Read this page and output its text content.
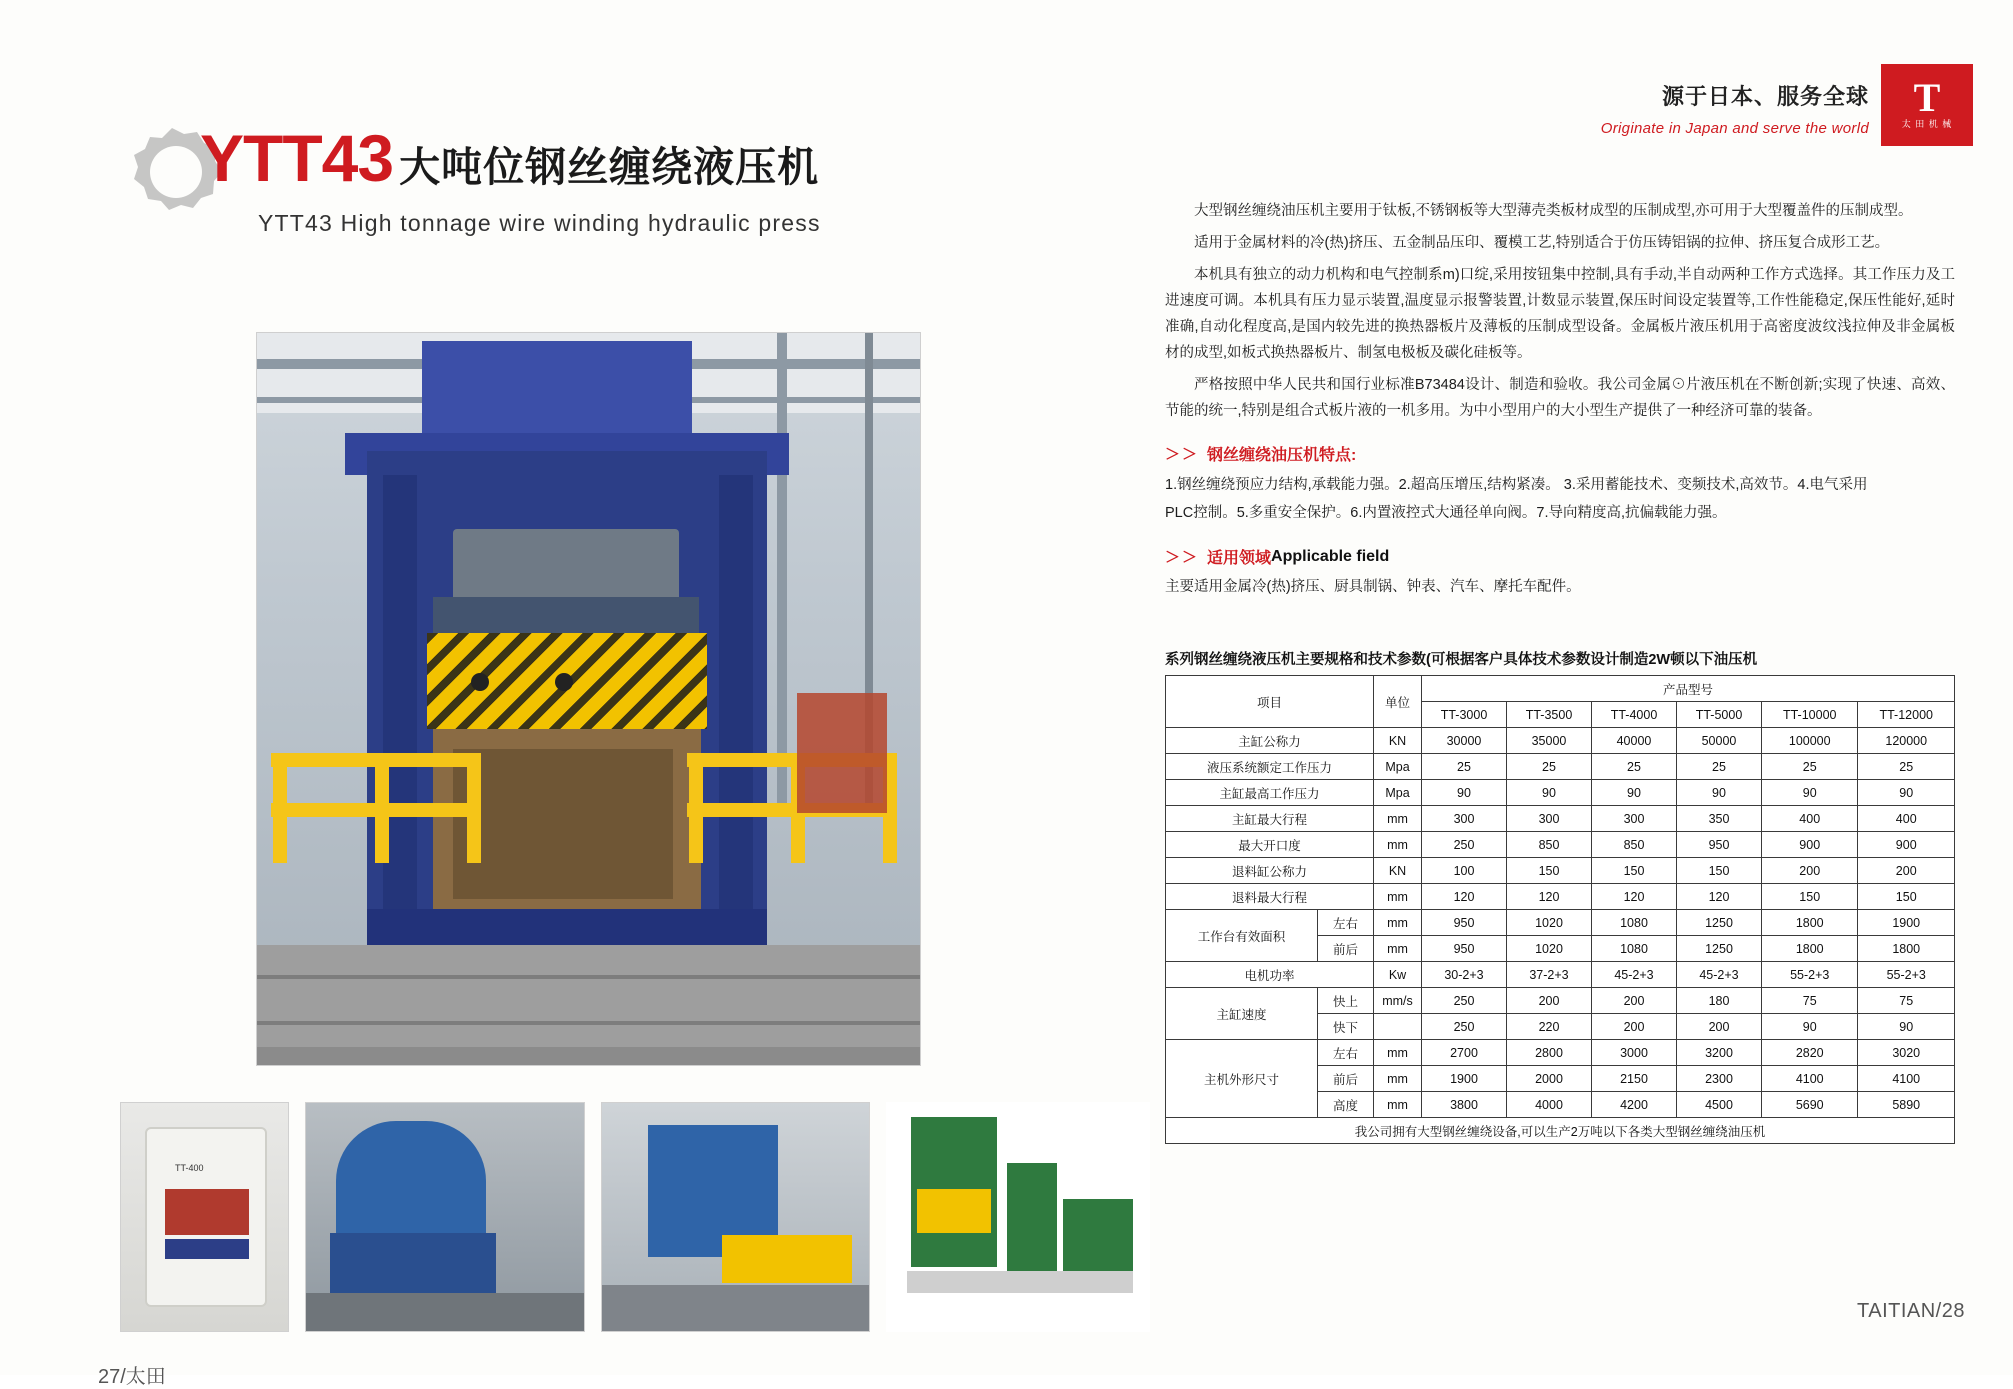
YTT43 大吨位钢丝缠绕液压机
YTT43 High tonnage wire winding hydraulic press
TT-400
27/太田
源于日本、服务全球
Originate in Japan and serve the world
T
太 田 机 械

大型钢丝缠绕油压机主要用于钛板,不锈钢板等大型薄壳类板材成型的压制成型,亦可用于大型覆盖件的压制成型。

适用于金属材料的冷(热)挤压、五金制品压印、覆模工艺,特别适合于仿压铸铝锅的拉伸、挤压复合成形工艺。

本机具有独立的动力机构和电气控制系m)口绽,采用按钮集中控制,具有手动,半自动两种工作方式选择。其工作压力及工进速度可调。本机具有压力显示装置,温度显示报警装置,计数显示装置,保压时间设定装置等,工作性能稳定,保压性能好,延时准确,自动化程度高,是国内较先进的换热器板片及薄板的压制成型设备。金属板片液压机用于高密度波纹浅拉伸及非金属板材的成型,如板式换热器板片、制氢电极板及碳化硅板等。

严格按照中华人民共和国行业标准B73484设计、制造和验收。我公司金属⊙片液压机在不断创新;实现了快速、高效、节能的统一,特别是组合式板片液的一机多用。为中小型用户的大小型生产提供了一种经济可靠的装备。

＞＞ 钢丝缠绕油压机特点:

1.钢丝缠绕预应力结构,承载能力强。2.超高压增压,结构紧凑。 3.采用蓄能技术、变频技术,高效节。4.电气采用

PLC控制。5.多重安全保护。6.内置液控式大通径单向阀。7.导向精度高,抗偏载能力强。

＞＞ 适用领域 Applicable field

主要适用金属冷(热)挤压、厨具制锅、钟表、汽车、摩托车配件。

系列钢丝缠绕液压机主要规格和技术参数(可根据客户具体技术参数设计制造2W顿以下油压机
项目		单位	产品型号					
			TT-3000	TT-3500	TT-4000	TT-5000	TT-10000	TT-12000
主缸公称力		KN	30000	35000	40000	50000	100000	120000
液压系统额定工作压力		Mpa	25	25	25	25	25	25
主缸最高工作压力		Mpa	90	90	90	90	90	90
主缸最大行程		mm	300	300	300	350	400	400
最大开口度		mm	250	850	850	950	900	900
退料缸公称力		KN	100	150	150	150	200	200
退料最大行程		mm	120	120	120	120	150	150
工作台有效面积	左右	mm	950	1020	1080	1250	1800	1900
	前后	mm	950	1020	1080	1250	1800	1800
电机功率		Kw	30-2+3	37-2+3	45-2+3	45-2+3	55-2+3	55-2+3
主缸速度	快上	mm/s	250	200	200	180	75	75
	快下		250	220	200	200	90	90
主机外形尺寸	左右	mm	2700	2800	3000	3200	2820	3020
	前后	mm	1900	2000	2150	2300	4100	4100
	高度	mm	3800	4000	4200	4500	5690	5890
我公司拥有大型钢丝缠绕设备,可以生产2万吨以下各类大型钢丝缠绕油压机								
TAITIAN/28
